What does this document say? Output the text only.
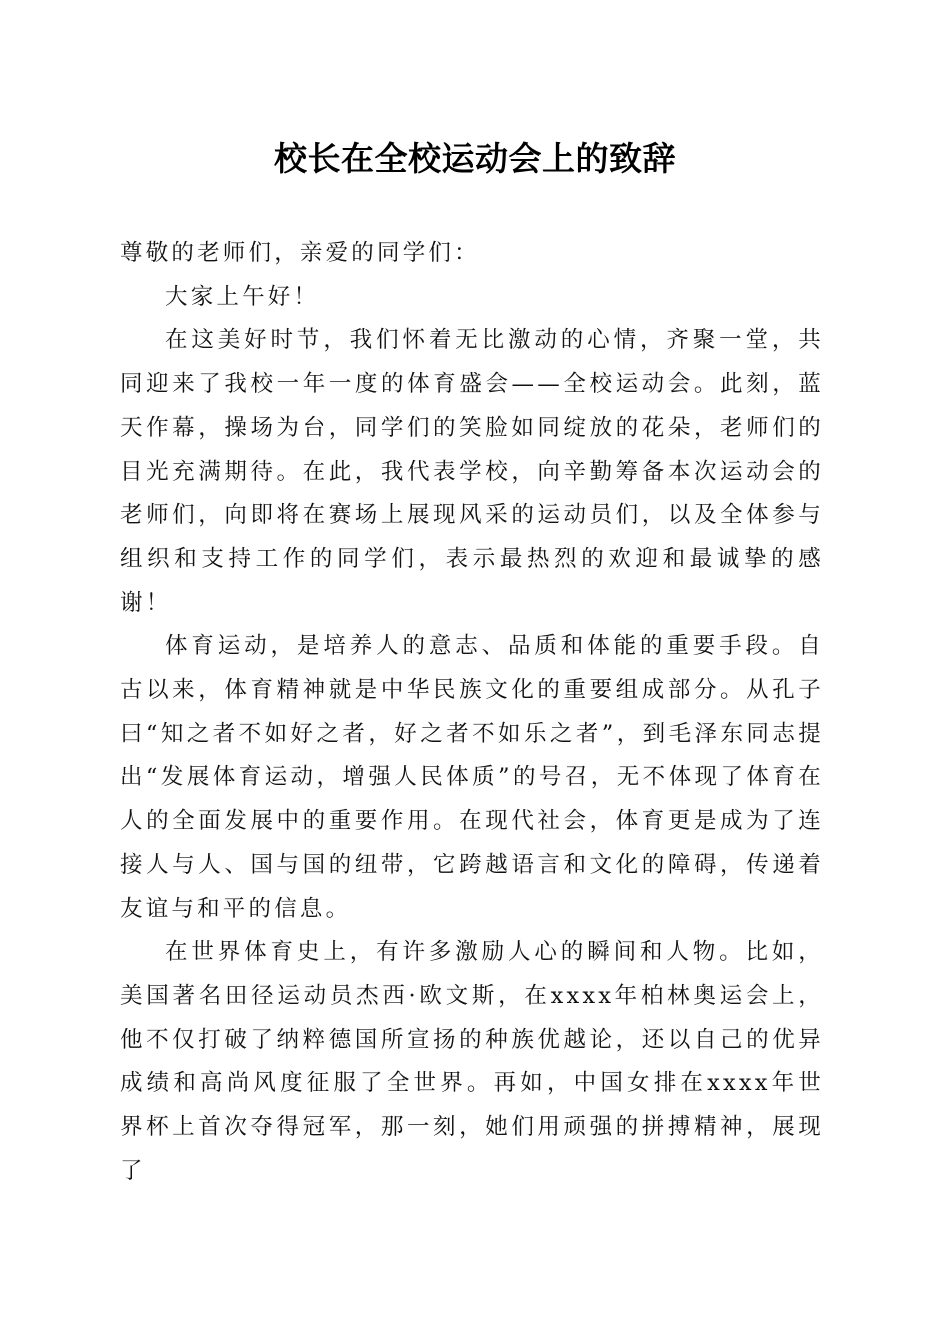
校长在全校运动会上的致辞

尊敬的老师们，亲爱的同学们：

大家上午好！

在这美好时节，我们怀着无比激动的心情，齐聚一堂，共同迎来了我校一年一度的体育盛会——全校运动会。此刻，蓝天作幕，操场为台，同学们的笑脸如同绽放的花朵，老师们的目光充满期待。在此，我代表学校，向辛勤筹备本次运动会的老师们，向即将在赛场上展现风采的运动员们，以及全体参与组织和支持工作的同学们，表示最热烈的欢迎和最诚挚的感谢！

体育运动，是培养人的意志、品质和体能的重要手段。自古以来，体育精神就是中华民族文化的重要组成部分。从孔子曰“知之者不如好之者，好之者不如乐之者”，到毛泽东同志提出“发展体育运动，增强人民体质”的号召，无不体现了体育在人的全面发展中的重要作用。在现代社会，体育更是成为了连接人与人、国与国的纽带，它跨越语言和文化的障碍，传递着友谊与和平的信息。

在世界体育史上，有许多激励人心的瞬间和人物。比如，美国著名田径运动员杰西·欧文斯，在xxxx年柏林奥运会上，他不仅打破了纳粹德国所宣扬的种族优越论，还以自己的优异成绩和高尚风度征服了全世界。再如，中国女排在xxxx年世界杯上首次夺得冠军，那一刻，她们用顽强的拼搏精神，展现了
